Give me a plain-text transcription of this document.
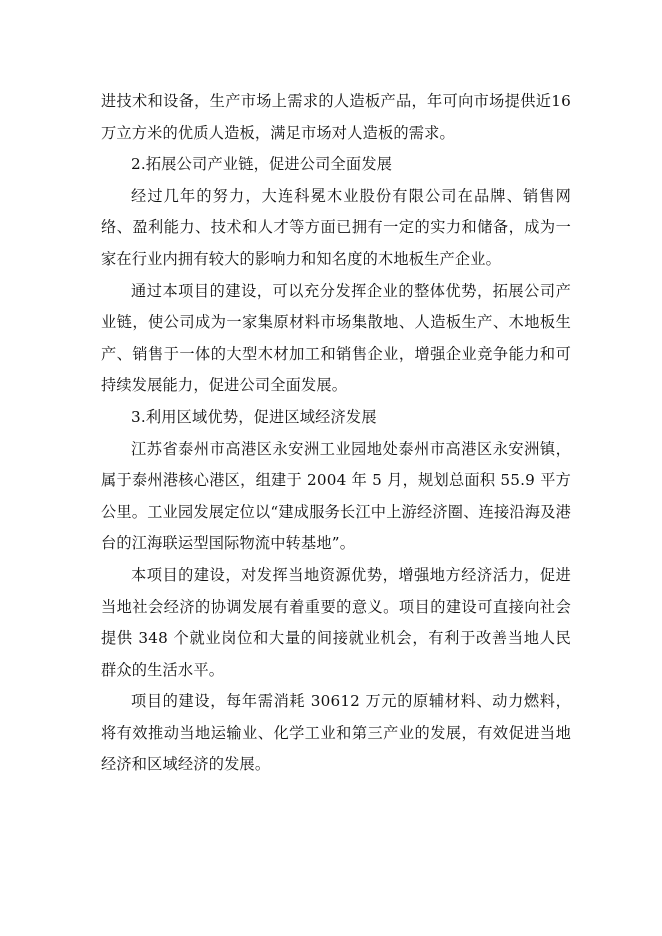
进技术和设备，生产市场上需求的人造板产品，年可向市场提供近16 万立方米的优质人造板，满足市场对人造板的需求。

2.拓展公司产业链，促进公司全面发展

经过几年的努力，大连科冕木业股份有限公司在品牌、销售网络、盈利能力、技术和人才等方面已拥有一定的实力和储备，成为一家在行业内拥有较大的影响力和知名度的木地板生产企业。

通过本项目的建设，可以充分发挥企业的整体优势，拓展公司产业链，使公司成为一家集原材料市场集散地、人造板生产、木地板生产、销售于一体的大型木材加工和销售企业，增强企业竞争能力和可持续发展能力，促进公司全面发展。

3.利用区域优势，促进区域经济发展

江苏省泰州市高港区永安洲工业园地处泰州市高港区永安洲镇，属于泰州港核心港区，组建于 2004 年 5 月，规划总面积 55.9 平方公里。工业园发展定位以“建成服务长江中上游经济圈、连接沿海及港台的江海联运型国际物流中转基地”。

本项目的建设，对发挥当地资源优势，增强地方经济活力，促进当地社会经济的协调发展有着重要的意义。项目的建设可直接向社会提供 348 个就业岗位和大量的间接就业机会，有利于改善当地人民群众的生活水平。

项目的建设，每年需消耗 30612 万元的原辅材料、动力燃料，将有效推动当地运输业、化学工业和第三产业的发展，有效促进当地经济和区域经济的发展。
